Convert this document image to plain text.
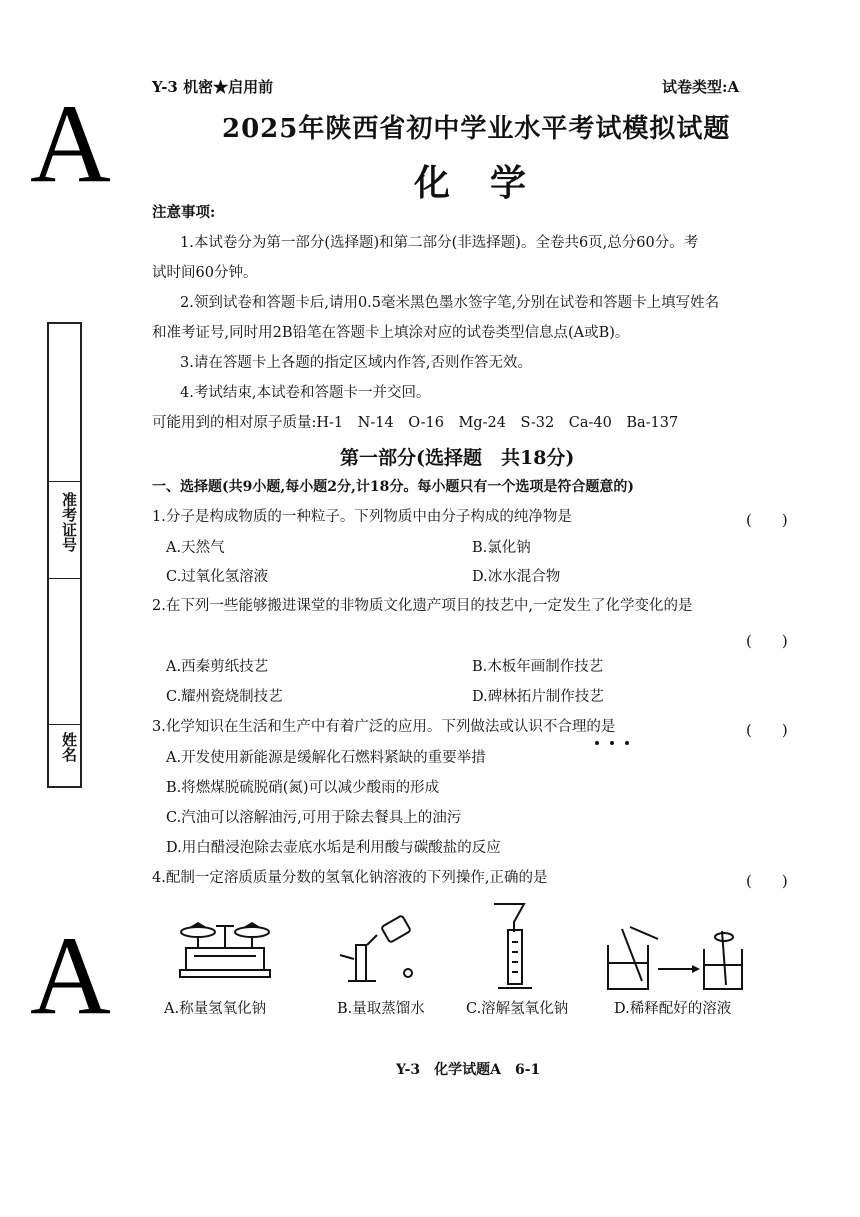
Y-3 机密★启用前	试卷类型:A
A	2025年陕西省初中学业水平考试模拟试题
化学
准考证号
姓名
注意事项:
1.本试卷分为第一部分(选择题)和第二部分(非选择题)。全卷共6页,总分60分。考
试时间60分钟。
2.领到试卷和答题卡后,请用0.5毫米黑色墨水签字笔,分别在试卷和答题卡上填写姓名
和准考证号,同时用2B铅笔在答题卡上填涂对应的试卷类型信息点(A或B)。
3.请在答题卡上各题的指定区域内作答,否则作答无效。
4.考试结束,本试卷和答题卡一并交回。
可能用到的相对原子质量:H-1　N-14　O-16　Mg-24　S-32　Ca-40　Ba-137
第一部分(选择题　共18分)
一、选择题(共9小题,每小题2分,计18分。每小题只有一个选项是符合题意的)
1.分子是构成物质的一种粒子。下列物质中由分子构成的纯净物是	(　　)
A.天然气	B.氯化钠
C.过氧化氢溶液	D.冰水混合物
2.在下列一些能够搬进课堂的非物质文化遗产项目的技艺中,一定发生了化学变化的是
(　　)
A.西秦剪纸技艺	B.木板年画制作技艺
C.耀州瓷烧制技艺	D.碑林拓片制作技艺
3.化学知识在生活和生产中有着广泛的应用。下列做法或认识不合理的是	(　　)
A.开发使用新能源是缓解化石燃料紧缺的重要举措
B.将燃煤脱硫脱硝(氮)可以减少酸雨的形成
C.汽油可以溶解油污,可用于除去餐具上的油污
D.用白醋浸泡除去壶底水垢是利用酸与碳酸盐的反应
4.配制一定溶质质量分数的氢氧化钠溶液的下列操作,正确的是	(　　)
A	A.称量氢氧化钠	B.量取蒸馏水	C.溶解氢氧化钠	D.稀释配好的溶液
Y-3　化学试题A　6-1
